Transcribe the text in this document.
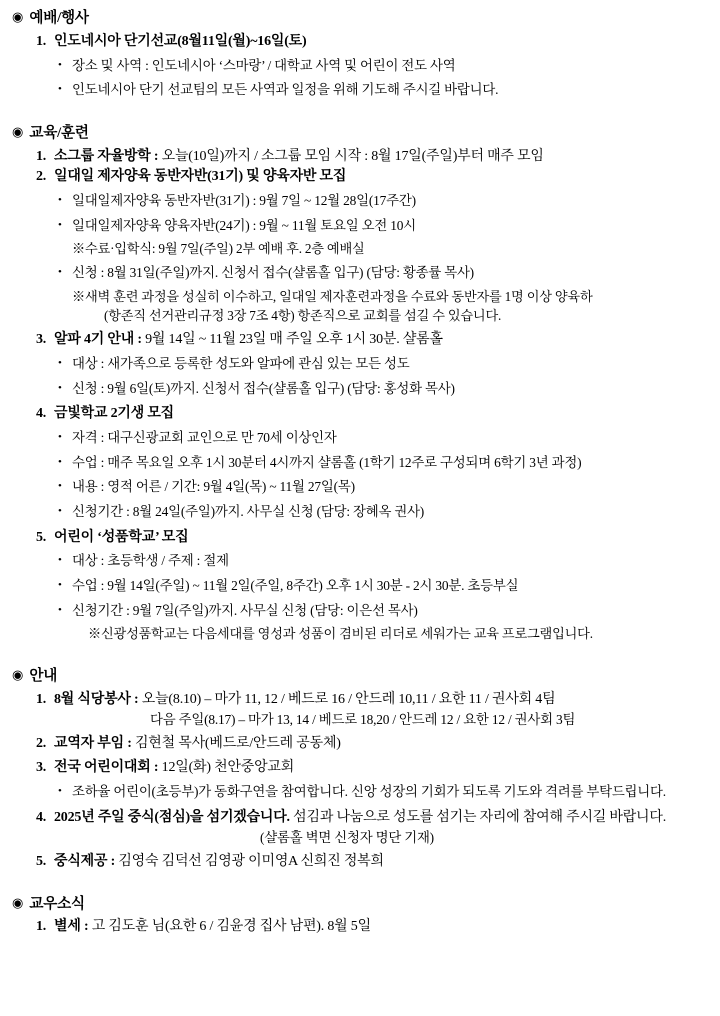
◉ 예배/행사
1. 인도네시아 단기선교(8월11일(월)~16일(토)
• 장소 및 사역 : 인도네시아 ‘스마랑’ / 대학교 사역 및 어린이 전도 사역
• 인도네시아 단기 선교팀의 모든 사역과 일정을 위해 기도해 주시길 바랍니다.
◉ 교육/훈련
1. 소그룹 자율방학 : 오늘(10일)까지 / 소그룹 모임 시작 : 8월 17일(주일)부터 매주 모임
2. 일대일 제자양육 동반자반(31기) 및 양육자반 모집
• 일대일제자양육 동반자반(31기) : 9월 7일 ~ 12월 28일(17주간)
• 일대일제자양육 양육자반(24기) : 9월 ~ 11월 토요일 오전 10시
※수료·입학식: 9월 7일(주일) 2부 예배 후. 2층 예배실
• 신청 : 8월 31일(주일)까지. 신청서 접수(샬롬홀 입구) (담당: 황종률 목사)
※새벽 훈련 과정을 성실히 이수하고, 일대일 제자훈련과정을 수료와 동반자를 1명 이상 양육하
(항존직 선거관리규정 3장 7조 4항) 항존직으로 교회를 섬길 수 있습니다.
3. 알파 4기 안내 : 9월 14일 ~ 11월 23일 매 주일 오후 1시 30분. 샬롬홀
• 대상 : 새가족으로 등록한 성도와 알파에 관심 있는 모든 성도
• 신청 : 9월 6일(토)까지. 신청서 접수(샬롬홀 입구) (담당: 홍성화 목사)
4. 금빛학교 2기생 모집
• 자격 : 대구신광교회 교인으로 만 70세 이상인자
• 수업 : 매주 목요일 오후 1시 30분터 4시까지 샬롬홀 (1학기 12주로 구성되며 6학기 3년 과정)
• 내용 : 영적 어른 / 기간: 9월 4일(목) ~ 11월 27일(목)
• 신청기간 : 8월 24일(주일)까지. 사무실 신청 (담당: 장혜옥 권사)
5. 어린이 ‘성품학교’ 모집
• 대상 : 초등학생 / 주제 : 절제
• 수업 : 9월 14일(주일) ~ 11월 2일(주일, 8주간) 오후 1시 30분 - 2시 30분. 초등부실
• 신청기간 : 9월 7일(주일)까지. 사무실 신청 (담당: 이은선 목사)
※신광성품학교는 다음세대를 영성과 성품이 겸비된 리더로 세워가는 교육 프로그램입니다.
◉ 안내
1. 8월 식당봉사 : 오늘(8.10) – 마가 11, 12 / 베드로 16 / 안드레 10,11 / 요한 11 / 권사회 4팀
다음 주일(8.17) – 마가 13, 14 / 베드로 18,20 / 안드레 12 / 요한 12 / 권사회 3팀
2. 교역자 부임 : 김현철 목사(베드로/안드레 공동체)
3. 전국 어린이대회 : 12일(화) 천안중앙교회
• 조하율 어린이(초등부)가 동화구연을 참여합니다. 신앙 성장의 기회가 되도록 기도와 격려를 부탁드립니다.
4. 2025년 주일 중식(점심)을 섬기겠습니다. 섬김과 나눔으로 성도를 섬기는 자리에 참여해 주시길 바랍니다.
(샬롬홀 벽면 신청자 명단 기재)
5. 중식제공 : 김영숙 김덕선 김영광 이미영A 신희진 정복희
◉ 교우소식
1. 별세 : 고 김도훈 님(요한 6 / 김윤경 집사 남편). 8월 5일
